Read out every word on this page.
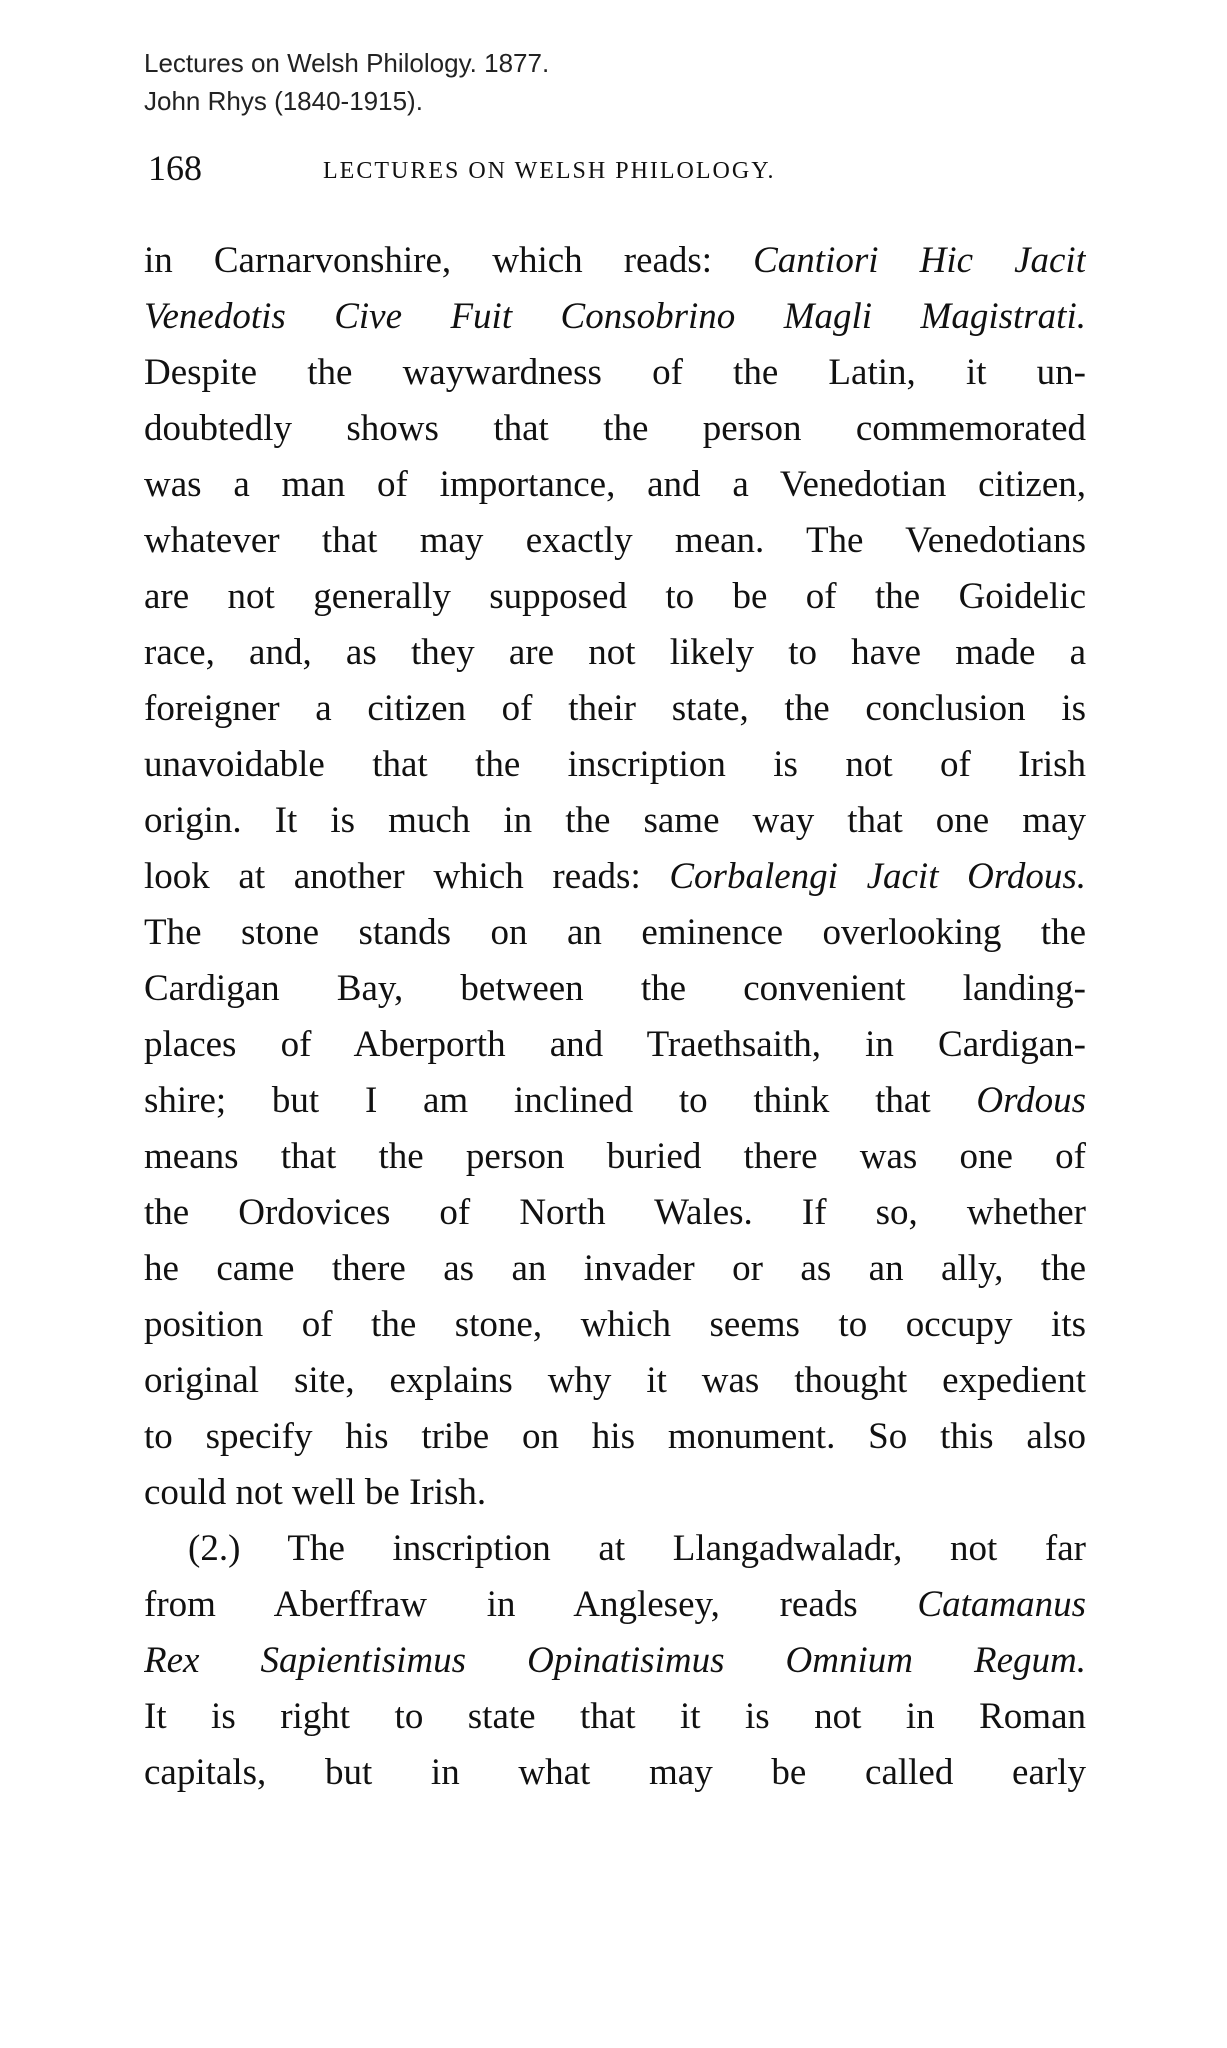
Lectures on Welsh Philology. 1877.
John Rhys (1840-1915).
168	LECTURES ON WELSH PHILOLOGY.
in Carnarvonshire, which reads: Cantiori Hic Jacit
Venedotis Cive Fuit Consobrino Magli Magistrati.
Despite the waywardness of the Latin, it un-
doubtedly shows that the person commemorated
was a man of importance, and a Venedotian citizen,
whatever that may exactly mean. The Venedotians
are not generally supposed to be of the Goidelic
race, and, as they are not likely to have made a
foreigner a citizen of their state, the conclusion is
unavoidable that the inscription is not of Irish
origin. It is much in the same way that one may
look at another which reads: Corbalengi Jacit Ordous.
The stone stands on an eminence overlooking the
Cardigan Bay, between the convenient landing-
places of Aberporth and Traethsaith, in Cardigan-
shire; but I am inclined to think that Ordous
means that the person buried there was one of
the Ordovices of North Wales. If so, whether
he came there as an invader or as an ally, the
position of the stone, which seems to occupy its
original site, explains why it was thought expedient
to specify his tribe on his monument. So this also
could not well be Irish.
(2.) The inscription at Llangadwaladr, not far
from Aberffraw in Anglesey, reads Catamanus
Rex Sapientisimus Opinatisimus Omnium Regum.
It is right to state that it is not in Roman
capitals, but in what may be called early
